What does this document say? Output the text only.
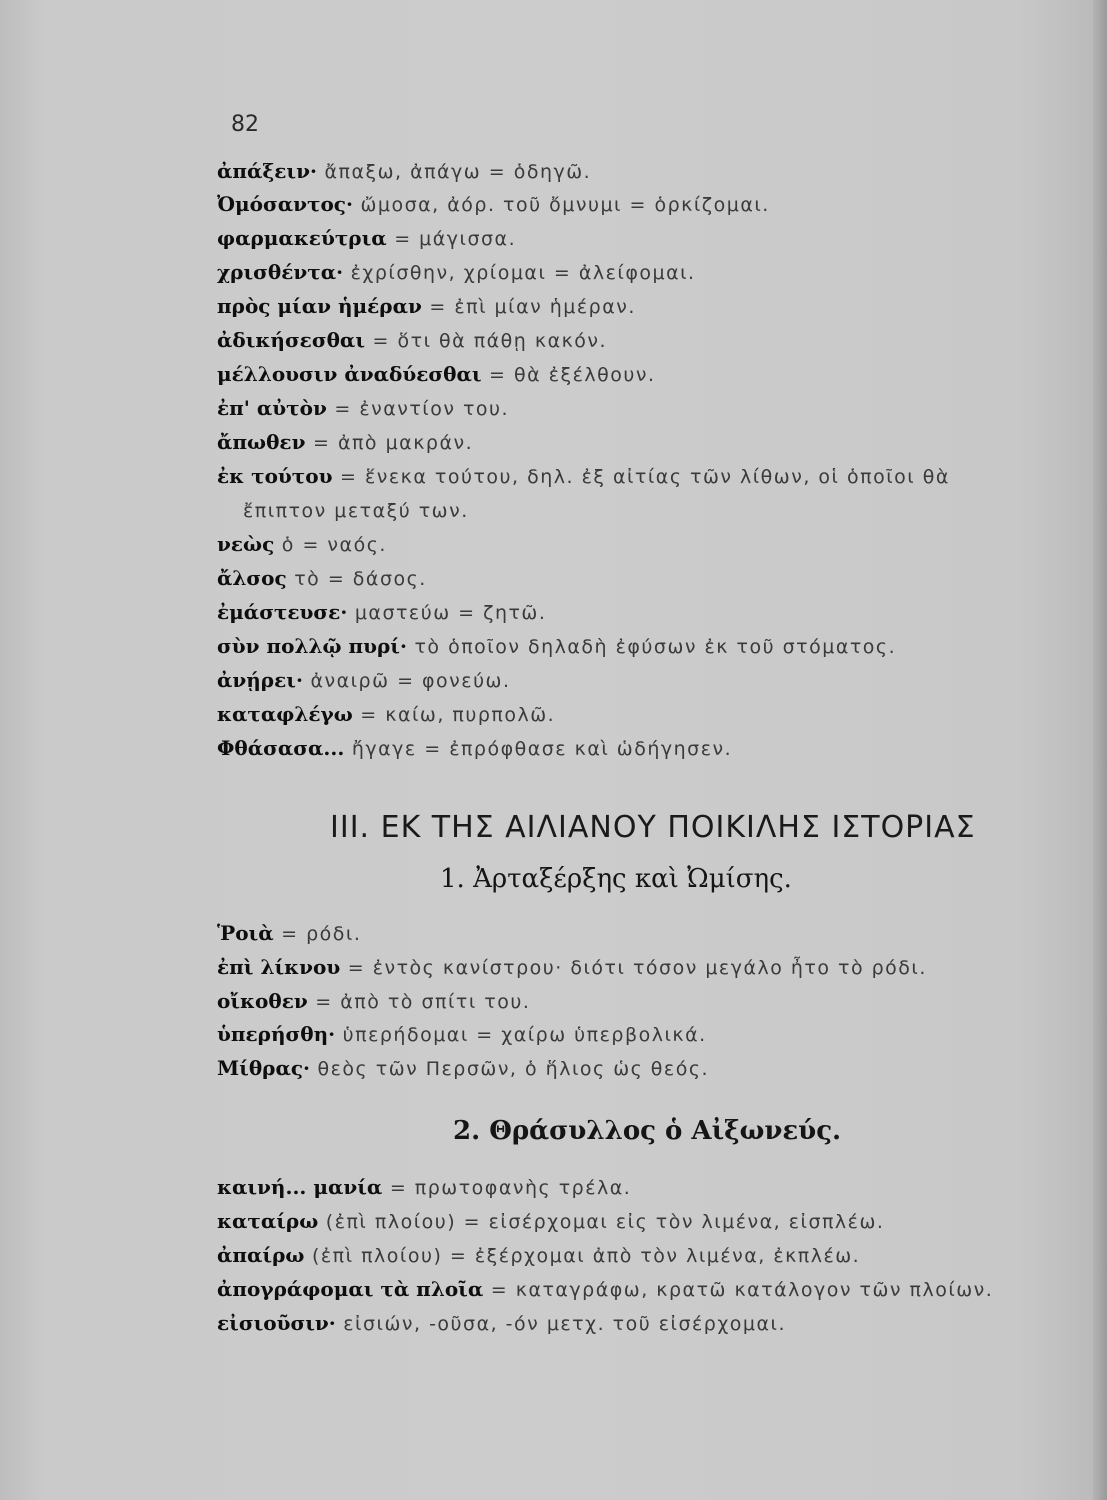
82
ἀπάξειν· ἄπαξω, ἀπάγω = ὁδηγῶ.
Ὀμόσαντος· ὤμοσα, ἀόρ. τοῦ ὄμνυμι = ὁρκίζομαι.
φαρμακεύτρια = μάγισσα.
χρισθέντα· ἐχρίσθην, χρίομαι = ἀλείφομαι.
πρὸς μίαν ἡμέραν = ἐπὶ μίαν ἡμέραν.
ἀδικήσεσθαι = ὅτι θὰ πάθῃ κακόν.
μέλλουσιν ἀναδύεσθαι = θὰ ἐξέλθουν.
ἐπ' αὐτὸν = ἐναντίον του.
ἄπωθεν = ἀπὸ μακράν.
ἐκ τούτου = ἕνεκα τούτου, δηλ. ἐξ αἰτίας τῶν λίθων, οἱ ὁποῖοι θὰ
ἔπιπτον μεταξύ των.
νεὼς ὁ = ναός.
ἄλσος τὸ = δάσος.
ἐμάστευσε· μαστεύω = ζητῶ.
σὺν πολλῷ πυρί· τὸ ὁποῖον δηλαδὴ ἐφύσων ἐκ τοῦ στόματος.
ἀνῄρει· ἀναιρῶ = φονεύω.
καταφλέγω = καίω, πυρπολῶ.
Φθάσασα... ἤγαγε = ἐπρόφθασε καὶ ὡδήγησεν.
III. ΕΚ ΤΗΣ ΑΙΛΙΑΝΟΥ ΠΟΙΚΙΛΗΣ ΙΣΤΟΡΙΑΣ
1. Ἀρταξέρξης καὶ Ὠμίσης.
Ῥοιὰ = ρόδι.
ἐπὶ λίκνου = ἐντὸς κανίστρου· διότι τόσον μεγάλο ἦτο τὸ ρόδι.
οἴκοθεν = ἀπὸ τὸ σπίτι του.
ὑπερήσθη· ὑπερήδομαι = χαίρω ὑπερβολικά.
Μίθρας· θεὸς τῶν Περσῶν, ὁ ἥλιος ὡς θεός.
2. Θράσυλλος ὁ Αἰξωνεύς.
καινή... μανία = πρωτοφανὴς τρέλα.
καταίρω (ἐπὶ πλοίου) = εἰσέρχομαι εἰς τὸν λιμένα, εἰσπλέω.
ἀπαίρω (ἐπὶ πλοίου) = ἐξέρχομαι ἀπὸ τὸν λιμένα, ἐκπλέω.
ἀπογράφομαι τὰ πλοῖα = καταγράφω, κρατῶ κατάλογον τῶν πλοίων.
εἰσιοῦσιν· εἰσιών, -οῦσα, -όν μετχ. τοῦ εἰσέρχομαι.
